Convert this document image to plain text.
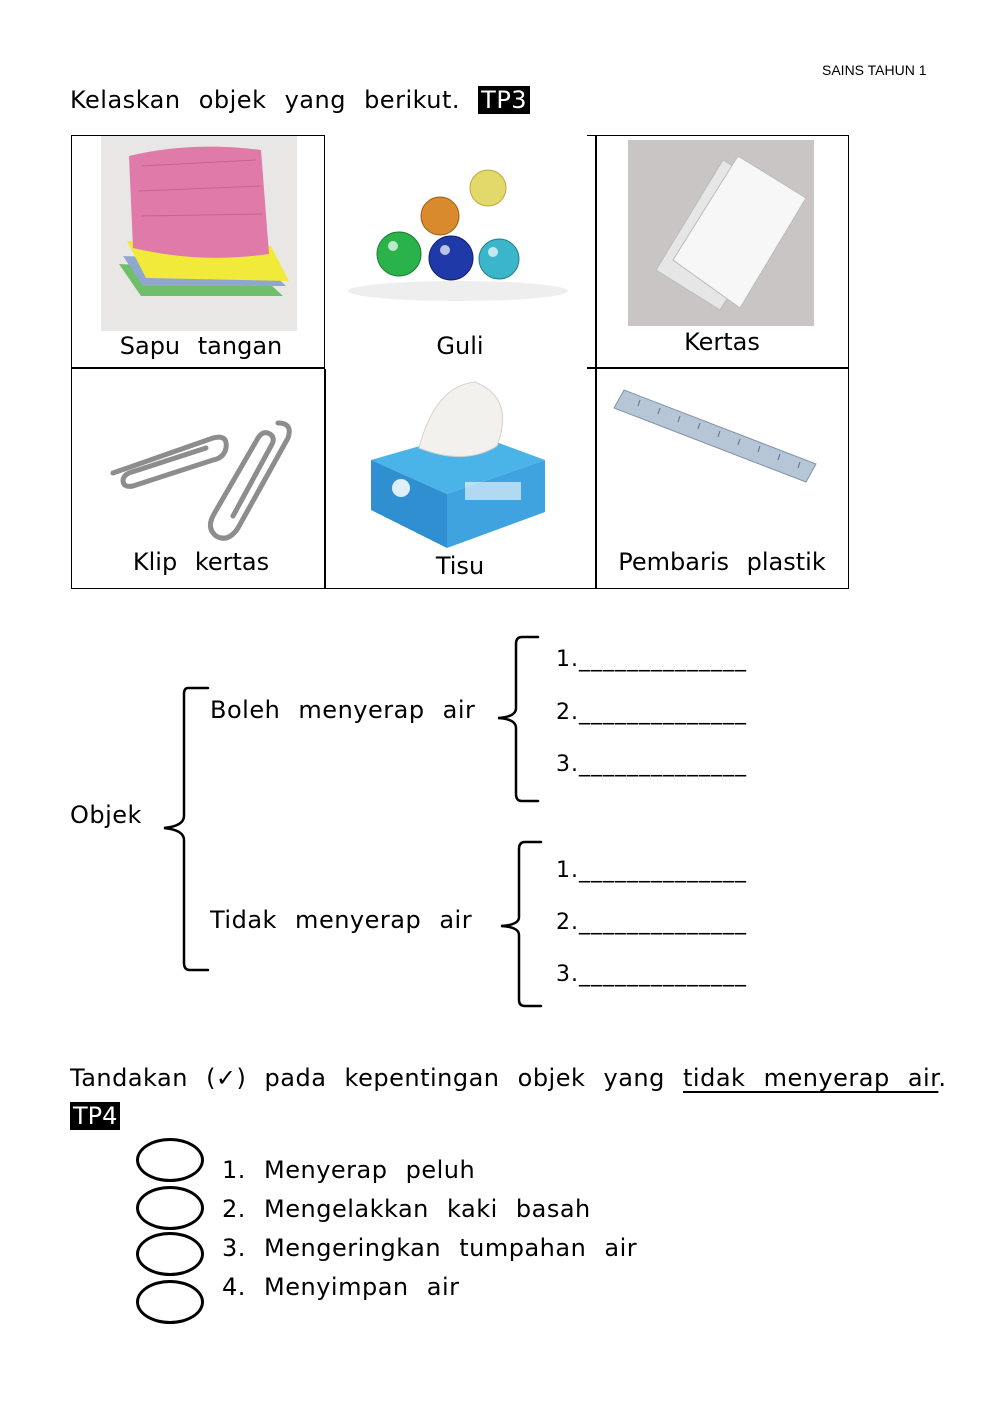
SAINS TAHUN 1
Kelaskan objek yang berikut. TP3
Sapu tangan	Guli	Kertas
Klip kertas	Tisu	Pembaris plastik
Objek
Boleh menyerap air
1.______________
2.______________
3.______________
Tidak menyerap air
1.______________
2.______________
3.______________
Tandakan (✓) pada kepentingan objek yang tidak menyerap air.
TP4
1. Menyerap peluh
2. Mengelakkan kaki basah
3. Mengeringkan tumpahan air
4. Menyimpan air
